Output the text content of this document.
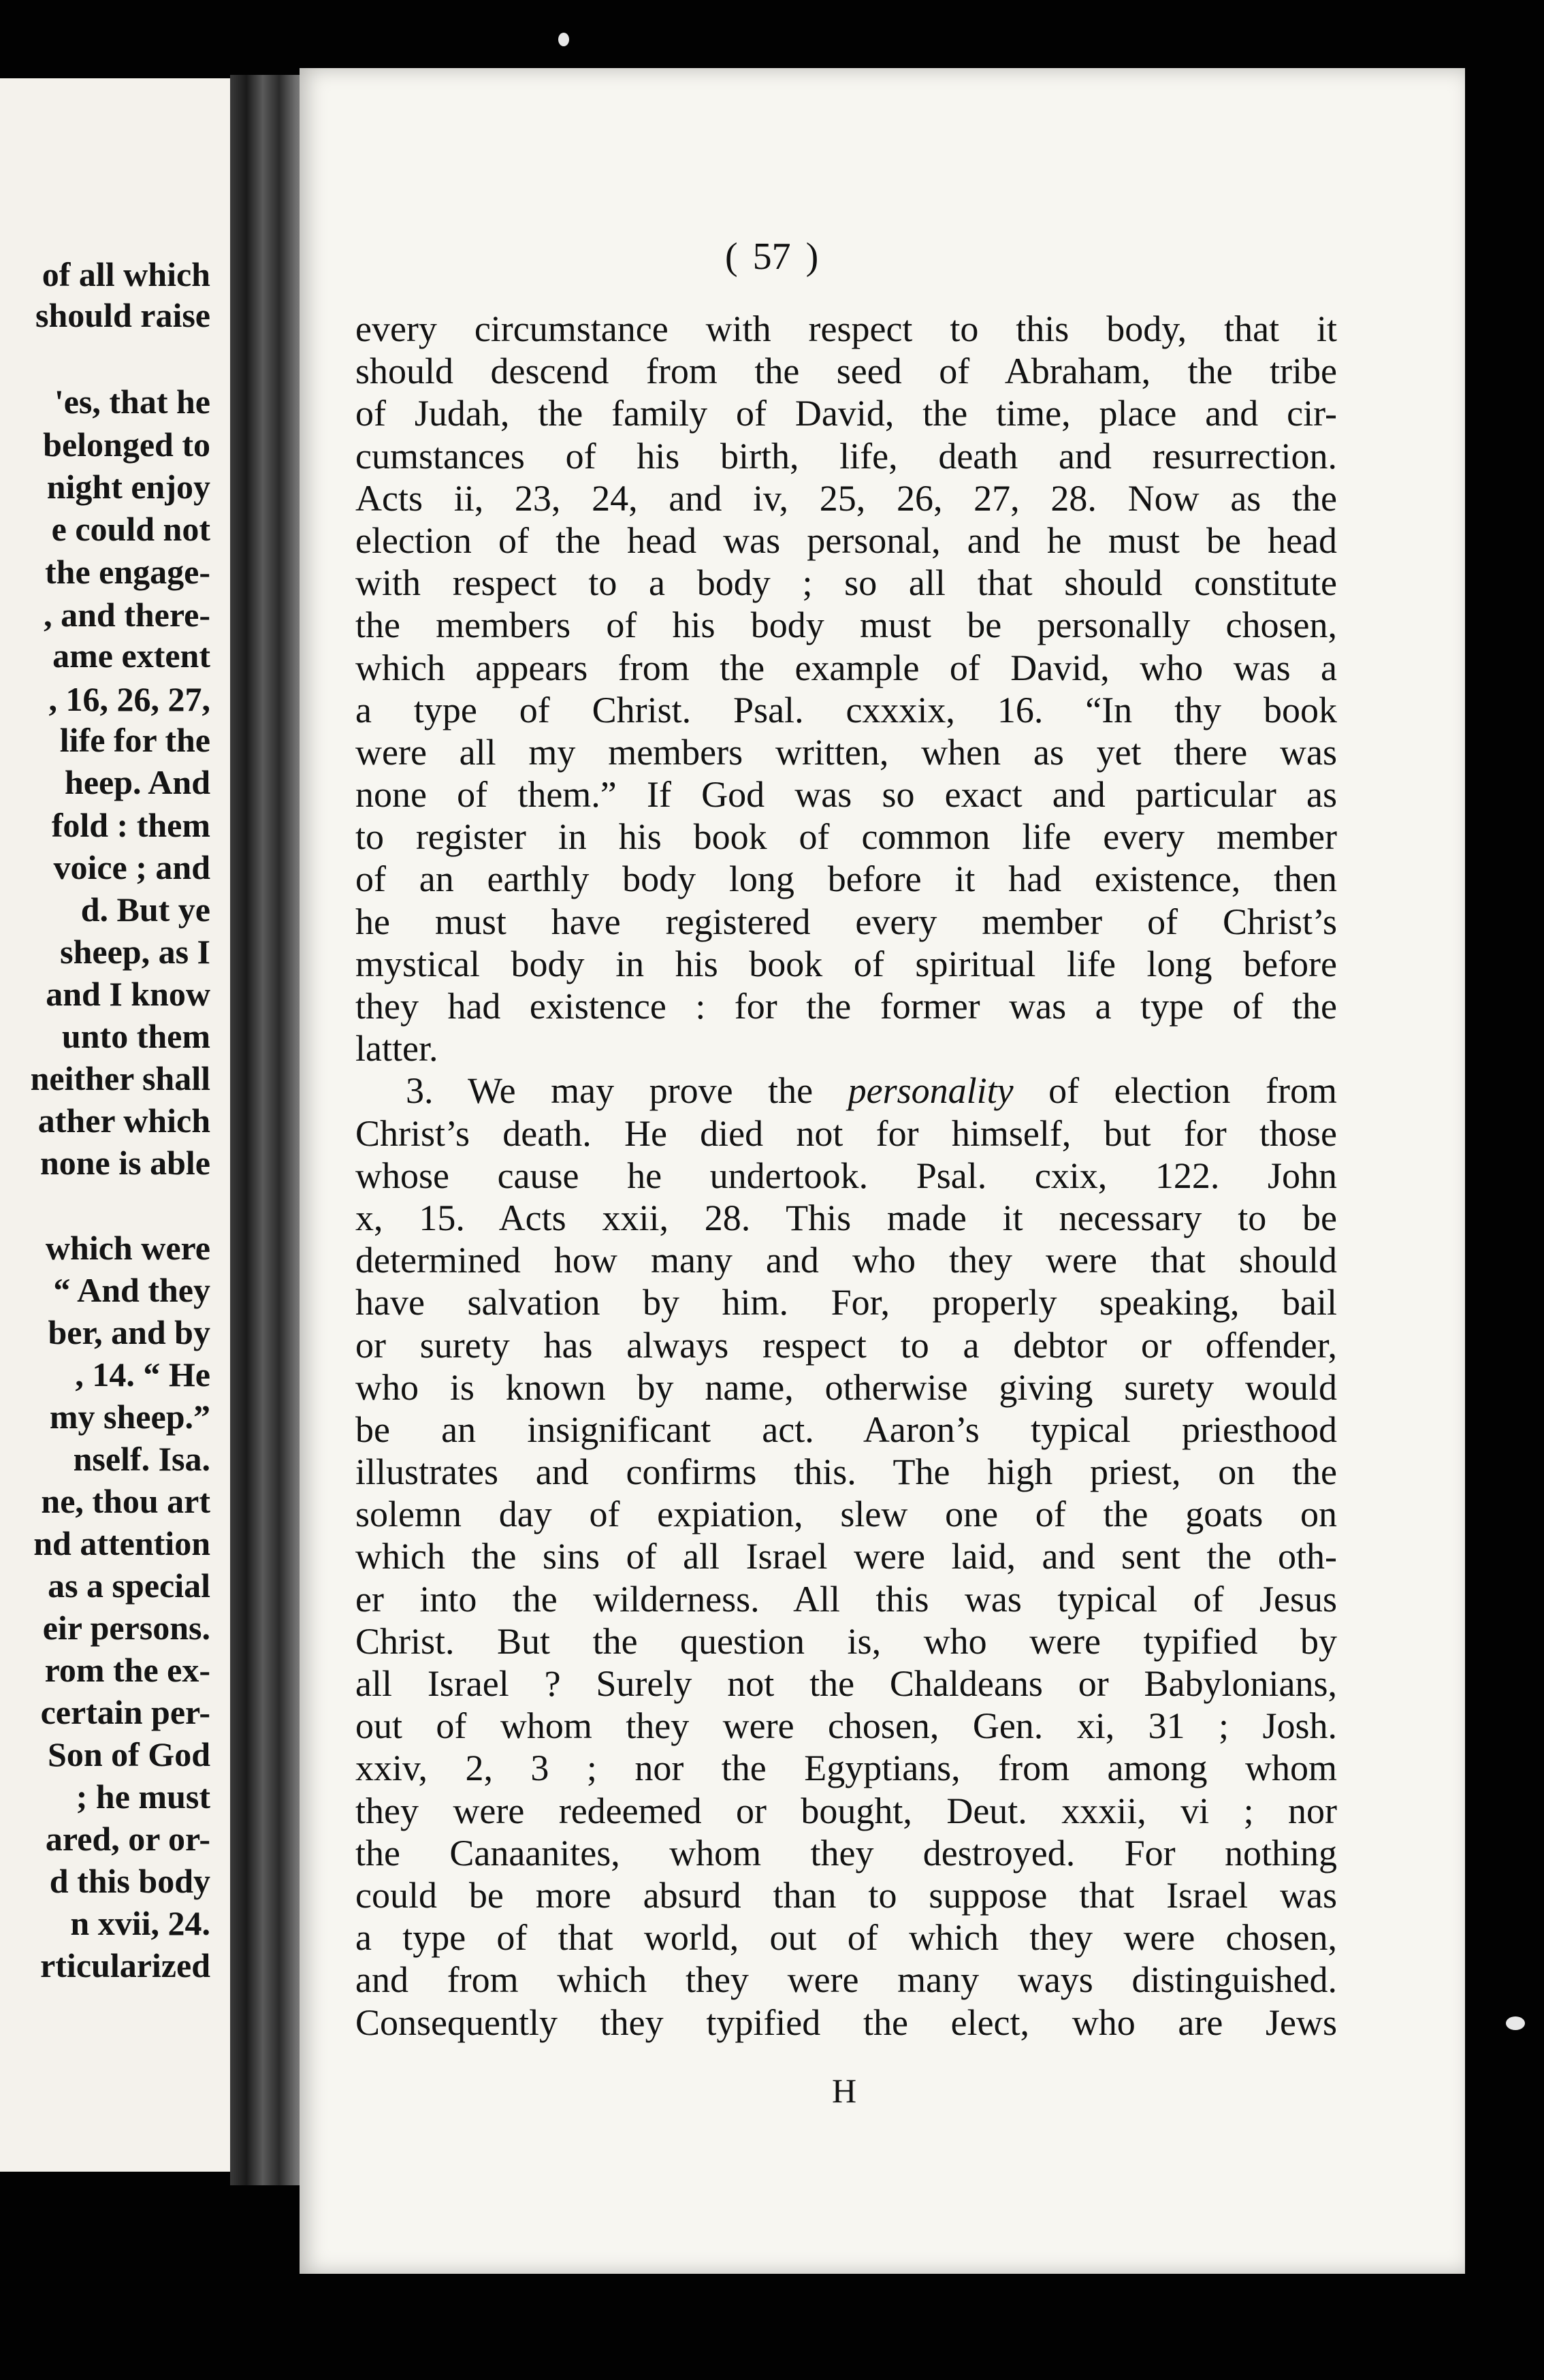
of all which
should raise
'es, that he
belonged to
night enjoy
e could not
the engage-
, and there-
ame extent
, 16, 26, 27,
life for the
heep. And
fold : them
voice ; and
d. But ye
sheep, as I
and I know
unto them
neither shall
ather which
none is able
which were
“ And they
ber, and by
, 14. “ He
my sheep.”
nself. Isa.
ne, thou art
nd attention
as a special
eir persons.
rom the ex-
certain per-
Son of God
; he must
ared, or or-
d this body
n xvii, 24.
rticularized
( 57 )
every circumstance with respect to this body, that it
should descend from the seed of Abraham, the tribe
of Judah, the family of David, the time, place and cir-
cumstances of his birth, life, death and resurrection.
Acts ii, 23, 24, and iv, 25, 26, 27, 28. Now as the
election of the head was personal, and he must be head
with respect to a body ; so all that should constitute
the members of his body must be personally chosen,
which appears from the example of David, who was a
a type of Christ. Psal. cxxxix, 16. “In thy book
were all my members written, when as yet there was
none of them.” If God was so exact and particular as
to register in his book of common life every member
of an earthly body long before it had existence, then
he must have registered every member of Christ’s
mystical body in his book of spiritual life long before
they had existence : for the former was a type of the
latter.
3. We may prove the personality of election from
Christ’s death. He died not for himself, but for those
whose cause he undertook. Psal. cxix, 122. John
x, 15. Acts xxii, 28. This made it necessary to be
determined how many and who they were that should
have salvation by him. For, properly speaking, bail
or surety has always respect to a debtor or offender,
who is known by name, otherwise giving surety would
be an insignificant act. Aaron’s typical priesthood
illustrates and confirms this. The high priest, on the
solemn day of expiation, slew one of the goats on
which the sins of all Israel were laid, and sent the oth-
er into the wilderness. All this was typical of Jesus
Christ. But the question is, who were typified by
all Israel ? Surely not the Chaldeans or Babylonians,
out of whom they were chosen, Gen. xi, 31 ; Josh.
xxiv, 2, 3 ; nor the Egyptians, from among whom
they were redeemed or bought, Deut. xxxii, vi ; nor
the Canaanites, whom they destroyed. For nothing
could be more absurd than to suppose that Israel was
a type of that world, out of which they were chosen,
and from which they were many ways distinguished.
Consequently they typified the elect, who are Jews
H
